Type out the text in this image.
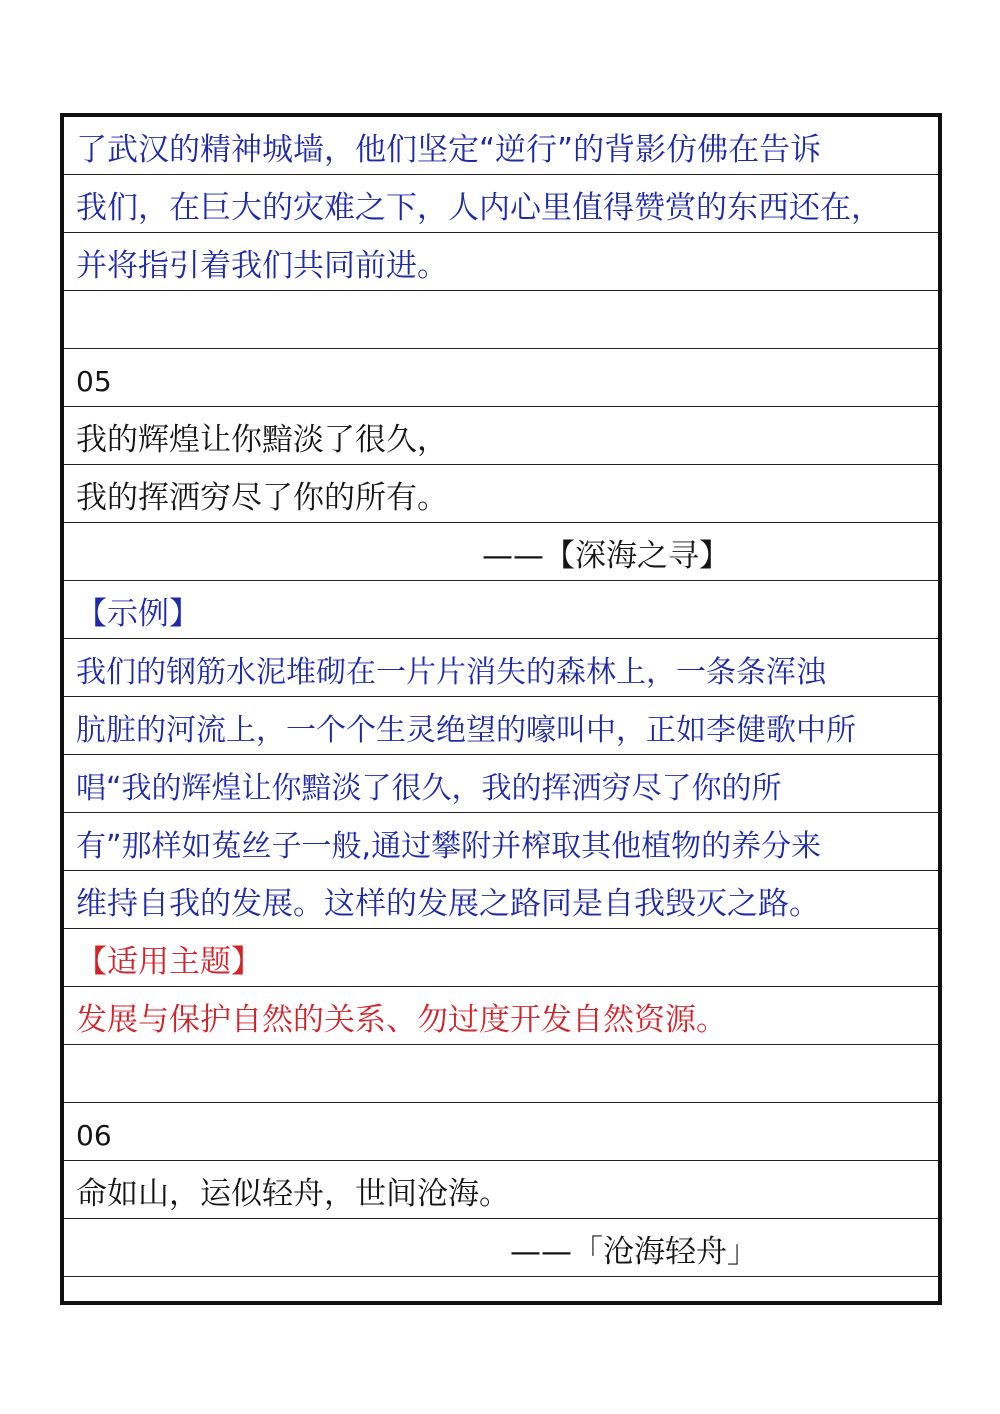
了武汉的精神城墙，他们坚定“逆行”的背影仿佛在告诉
我们，在巨大的灾难之下，人内心里值得赞赏的东西还在，
并将指引着我们共同前进。
05
我的辉煌让你黯淡了很久，
我的挥洒穷尽了你的所有。
——【深海之寻】
【示例】
我们的钢筋水泥堆砌在一片片消失的森林上，一条条浑浊
肮脏的河流上，一个个生灵绝望的嚎叫中，正如李健歌中所
唱“我的辉煌让你黯淡了很久，我的挥洒穷尽了你的所
有”那样如菟丝子一般,通过攀附并榨取其他植物的养分来
维持自我的发展。这样的发展之路同是自我毁灭之路。
【适用主题】
发展与保护自然的关系、勿过度开发自然资源。
06
命如山，运似轻舟，世间沧海。
——「沧海轻舟」
